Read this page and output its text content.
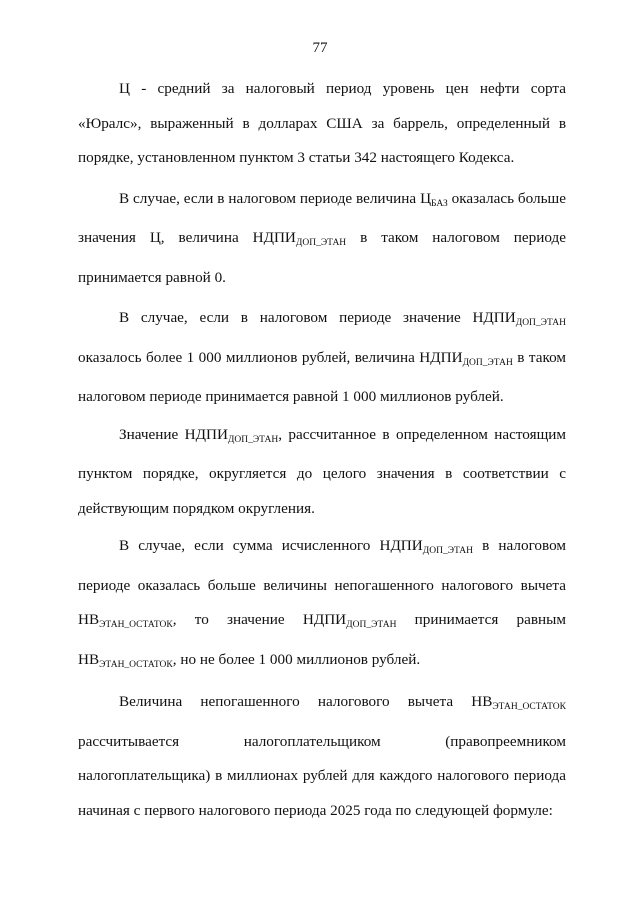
77

Ц - средний за налоговый период уровень цен нефти сорта «Юралс», выраженный в долларах США за баррель, определенный в порядке, установленном пунктом 3 статьи 342 настоящего Кодекса.

В случае, если в налоговом периоде величина $Ц_{БАЗ}$ оказалась больше значения Ц, величина $НДПИ_{ДОП\_ЭТАН}$ в таком налоговом периоде принимается равной 0.

В случае, если в налоговом периоде значение $НДПИ_{ДОП\_ЭТАН}$ оказалось более 1 000 миллионов рублей, величина $НДПИ_{ДОП\_ЭТАН}$ в таком налоговом периоде принимается равной 1 000 миллионов рублей.

Значение $НДПИ_{ДОП\_ЭТАН}$, рассчитанное в определенном настоящим пунктом порядке, округляется до целого значения в соответствии с действующим порядком округления.

В случае, если сумма исчисленного $НДПИ_{ДОП\_ЭТАН}$ в налоговом периоде оказалась больше величины непогашенного налогового вычета $НВ_{ЭТАН\_ОСТАТОК}$, то значение $НДПИ_{ДОП\_ЭТАН}$ принимается равным $НВ_{ЭТАН\_ОСТАТОК}$, но не более 1 000 миллионов рублей.

Величина непогашенного налогового вычета $НВ_{ЭТАН\_ОСТАТОК}$ рассчитывается налогоплательщиком (правопреемником налогоплательщика) в миллионах рублей для каждого налогового периода начиная с первого налогового периода 2025 года по следующей формуле:
